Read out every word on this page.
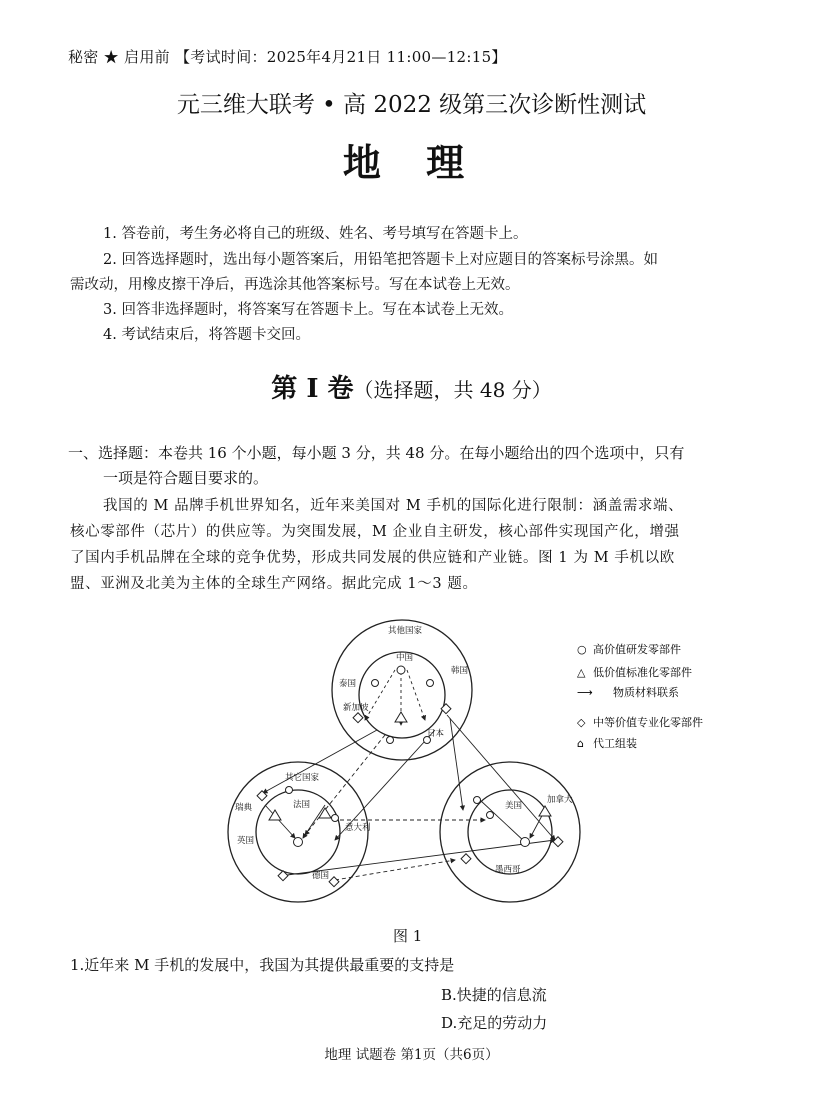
秘密 ★ 启用前 【考试时间：2025年4月21日 11:00—12:15】
元三维大联考 • 高 2022 级第三次诊断性测试
地 理
1. 答卷前，考生务必将自己的班级、姓名、考号填写在答题卡上。
2. 回答选择题时，选出每小题答案后，用铅笔把答题卡上对应题目的答案标号涂黑。如
需改动，用橡皮擦干净后，再选涂其他答案标号。写在本试卷上无效。
3. 回答非选择题时，将答案写在答题卡上。写在本试卷上无效。
4. 考试结束后，将答题卡交回。
第 I 卷（选择题，共 48 分）
一、选择题：本卷共 16 个小题，每小题 3 分，共 48 分。在每小题给出的四个选项中，只有
一项是符合题目要求的。
我国的 M 品牌手机世界知名，近年来美国对 M 手机的国际化进行限制：涵盖需求端、
核心零部件（芯片）的供应等。为突围发展，M 企业自主研发，核心部件实现国产化，增强
了国内手机品牌在全球的竞争优势，形成共同发展的供应链和产业链。图 1 为 M 手机以欧
盟、亚洲及北美为主体的全球生产网络。据此完成 1～3 题。
其他国家
中国
韩国
泰国
新加坡
日本
其它国家
法国
瑞典
英国
意大利
德国
美国
加拿大
墨西哥
○ 高价值研发零部件
△ 低价值标准化零部件
⟶ 物质材料联系
◇ 中等价值专业化零部件
⌂ 代工组装
图 1
1.近年来 M 手机的发展中，我国为其提供最重要的支持是
B.快捷的信息流
D.充足的劳动力
地理 试题卷 第1页（共6页）
